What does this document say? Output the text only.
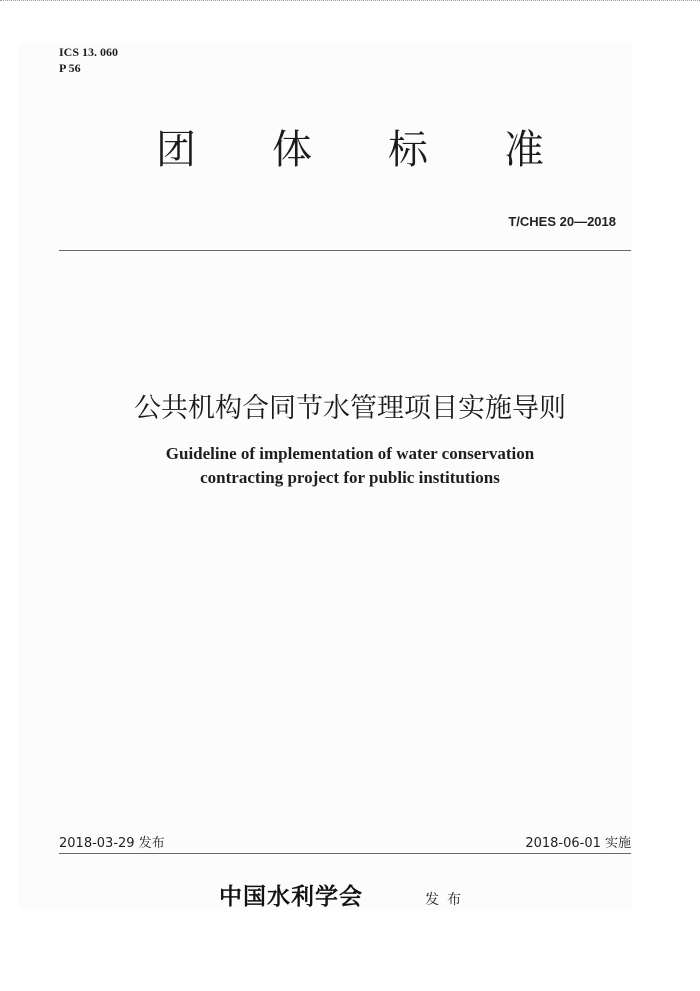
ICS 13. 060
P 56
团 体 标 准
T/CHES 20—2018
公共机构合同节水管理项目实施导则
Guideline of implementation of water conservation
contracting project for public institutions
2018-03-29 发布	2018-06-01 实施
中国水利学会	发布
